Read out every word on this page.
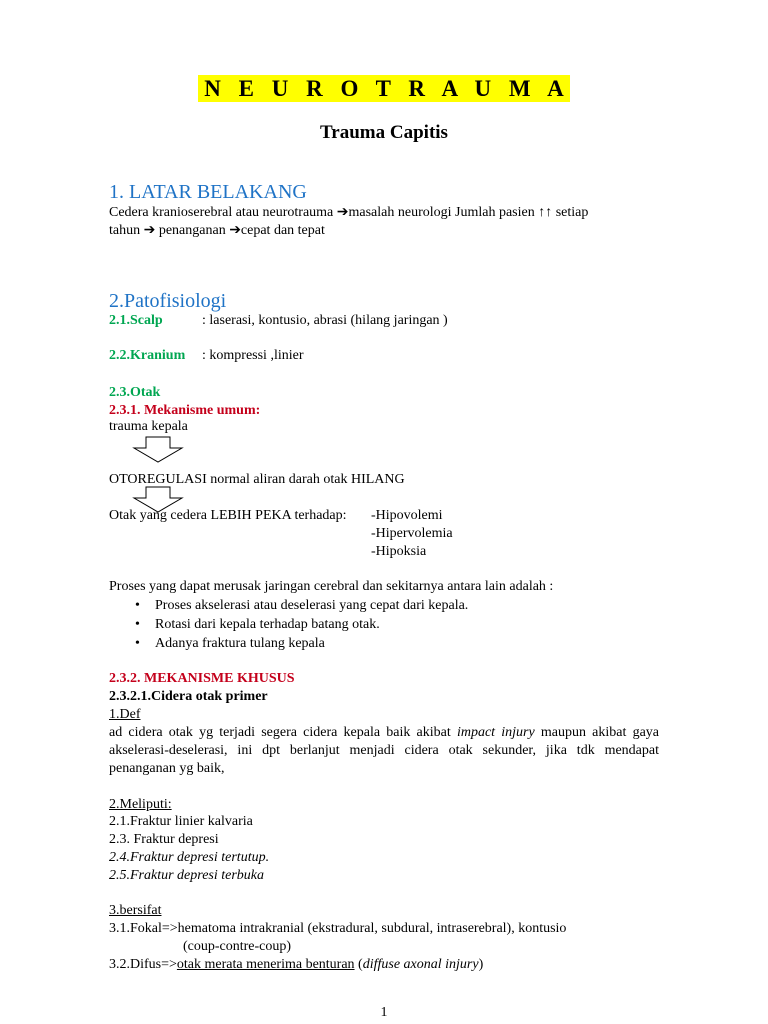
N E U R O T R A U M A
Trauma Capitis
1. LATAR BELAKANG
Cedera kranioserebral atau neurotrauma ➔masalah neurologi Jumlah pasien ↑↑ setiap
tahun ➔ penanganan ➔cepat dan tepat
2.Patofisiologi
2.1.Scalp	: laserasi, kontusio, abrasi (hilang jaringan )
2.2.Kranium : kompressi ,linier
2.3.Otak
2.3.1. Mekanisme umum:
trauma kepala
OTOREGULASI normal aliran darah otak HILANG
Otak yang cedera LEBIH PEKA terhadap: -Hipovolemi
-Hipervolemia
-Hipoksia
Proses yang dapat merusak jaringan cerebral dan sekitarnya antara lain adalah :
• Proses akselerasi atau deselerasi yang cepat dari kepala.
• Rotasi dari kepala terhadap batang otak.
• Adanya fraktura tulang kepala
2.3.2. MEKANISME KHUSUS
2.3.2.1.Cidera otak primer
1.Def
ad cidera otak yg terjadi segera cidera kepala baik akibat impact injury maupun akibat gaya akselerasi-deselerasi, ini dpt berlanjut menjadi cidera otak sekunder, jika tdk mendapat penanganan yg baik,
2.Meliputi:
2.1.Fraktur linier kalvaria
2.3. Fraktur depresi
2.4.Fraktur depresi tertutup.
2.5.Fraktur depresi terbuka
3.bersifat
3.1.Fokal=>hematoma intrakranial (ekstradural, subdural, intraserebral), kontusio
(coup-contre-coup)
3.2.Difus=>otak merata menerima benturan (diffuse axonal injury)
1
